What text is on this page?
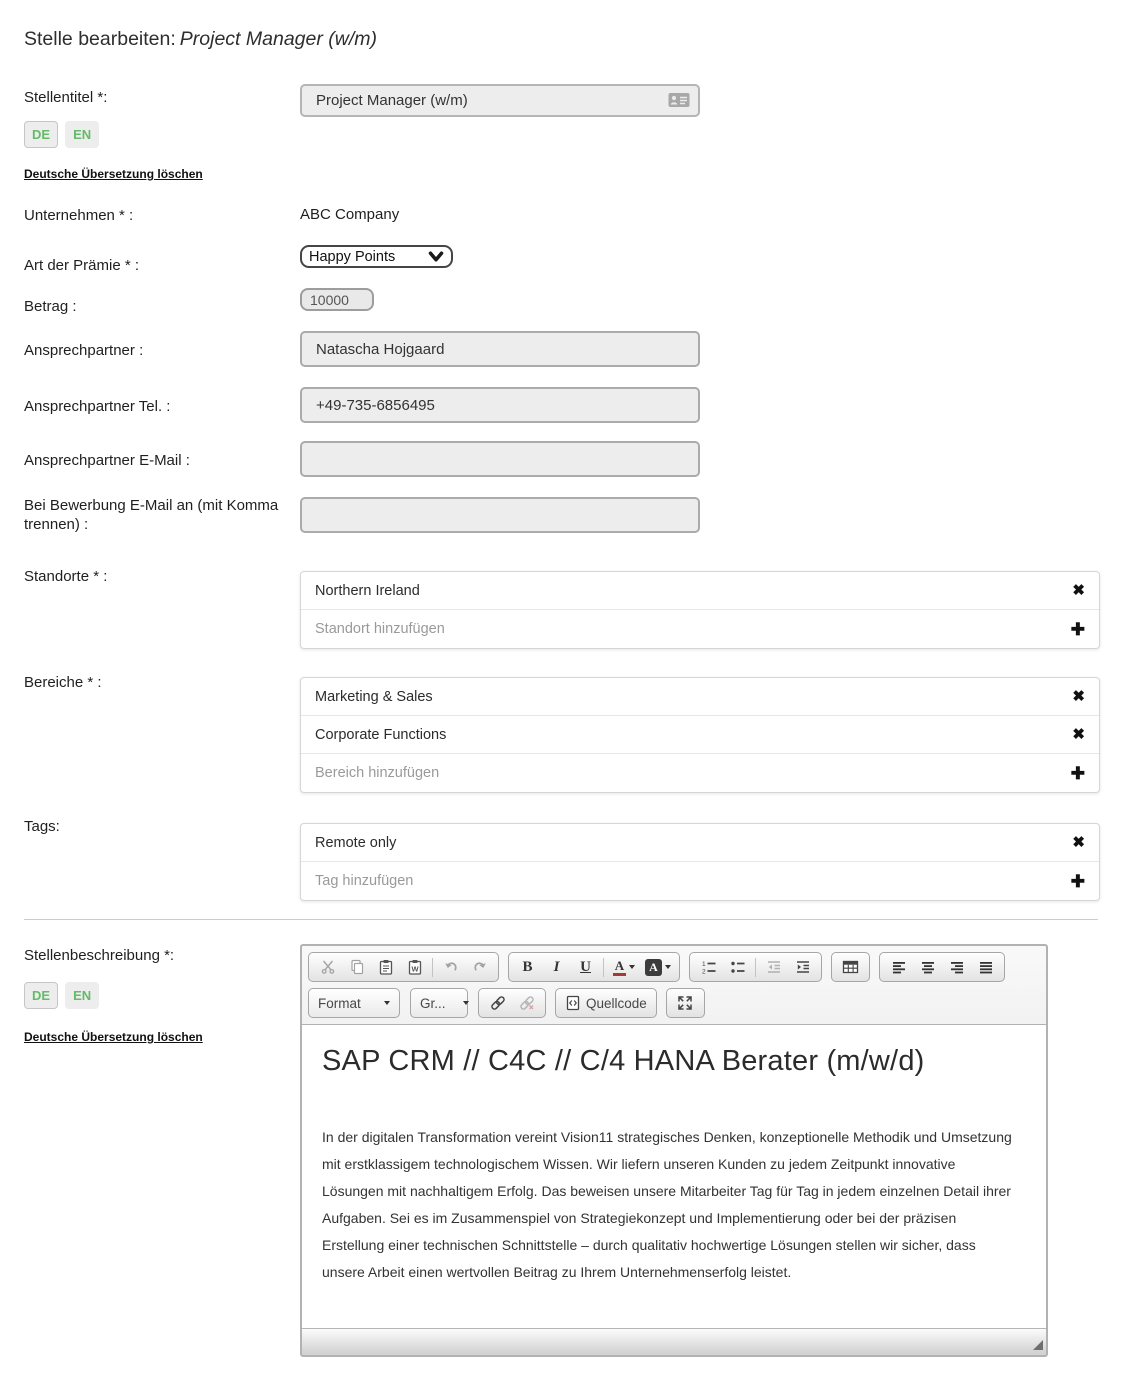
Stelle bearbeiten: Project Manager (w/m)
Stellentitel *:
Project Manager (w/m)
DE	EN
Deutsche Übersetzung löschen
Unternehmen * :	ABC Company
Art der Prämie * :
Happy Points
Betrag :
10000
Ansprechpartner :
Natascha Hojgaard
Ansprechpartner Tel. :
+49-735-6856495
Ansprechpartner E-Mail :
Bei Bewerbung E-Mail an (mit Komma trennen) :
Standorte * :
Northern Ireland	✖
Standort hinzufügen	✚
Bereiche * :
Marketing & Sales	✖
Corporate Functions	✖
Bereich hinzufügen	✚
Tags:
Remote only	✖
Tag hinzufügen	✚
Stellenbeschreibung *:
DE	EN
Deutsche Übersetzung löschen
W	B I U A	A	1
2
Format	Gr...	Quellcode
SAP CRM // C4C // C/4 HANA Berater (m/w/d)

In der digitalen Transformation vereint Vision11 strategisches Denken, konzeptionelle Methodik und Umsetzung mit erstklassigem technologischem Wissen. Wir liefern unseren Kunden zu jedem Zeitpunkt innovative Lösungen mit nachhaltigem Erfolg. Das beweisen unsere Mitarbeiter Tag für Tag in jedem einzelnen Detail ihrer Aufgaben. Sei es im Zusammenspiel von Strategiekonzept und Implementierung oder bei der präzisen Erstellung einer technischen Schnittstelle – durch qualitativ hochwertige Lösungen stellen wir sicher, dass unsere Arbeit einen wertvollen Beitrag zu Ihrem Unternehmenserfolg leistet.
